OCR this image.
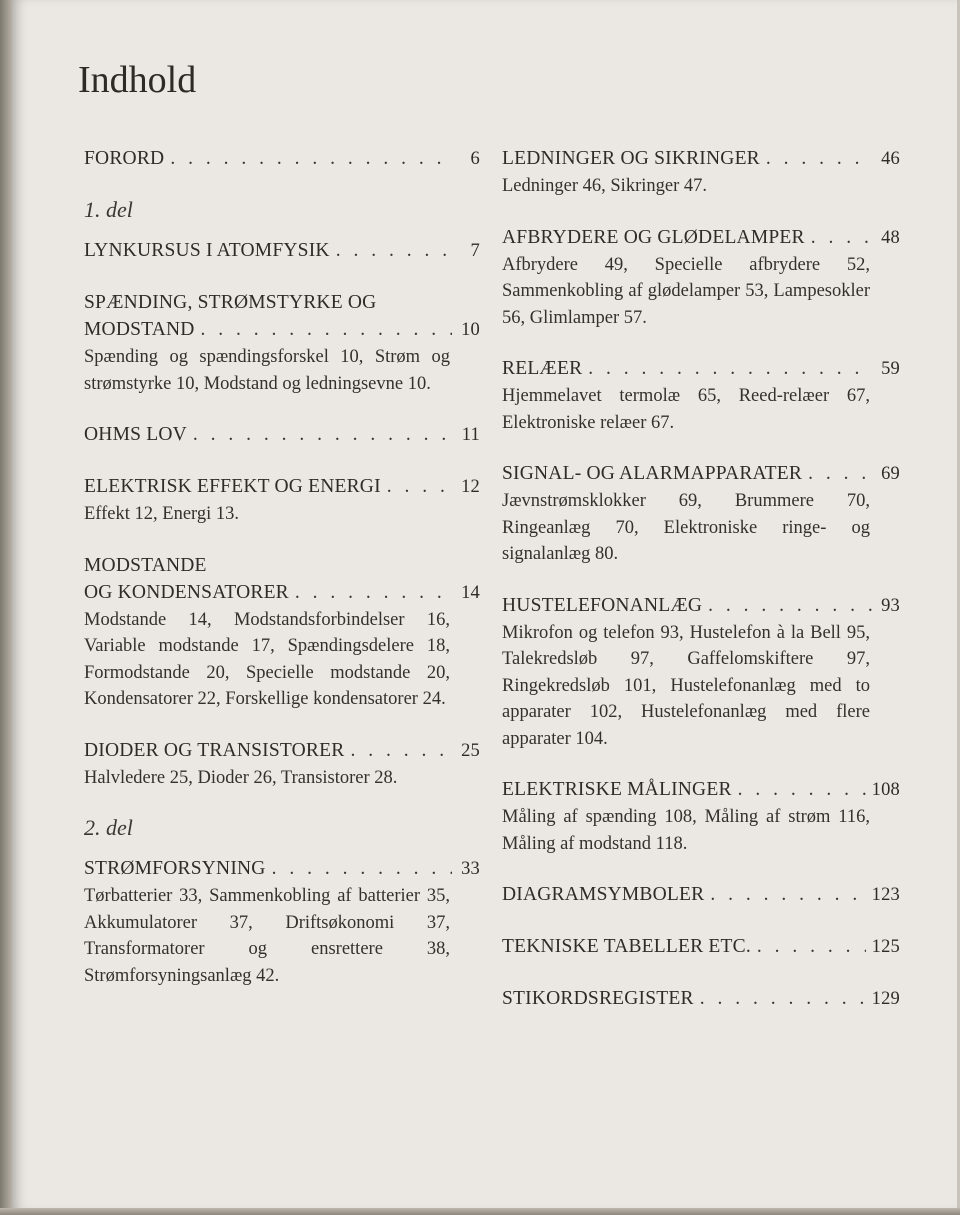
Indhold
FORORD . . .	6
1. del
LYNKURSUS I ATOMFYSIK . . .	7
SPÆNDING, STRØMSTYRKE OG
MODSTAND . . .	10
Spænding og spændingsforskel 10, Strøm og strømstyrke 10, Modstand og ledningsevne 10.
OHMS LOV . . .	11
ELEKTRISK EFFEKT OG ENERGI . . .	12
Effekt 12, Energi 13.
MODSTANDE
OG KONDENSATORER . . .	14
Modstande 14, Modstandsforbindelser 16, Variable modstande 17, Spændingsdelere 18, Formodstande 20, Specielle modstande 20, Kondensatorer 22, Forskellige kondensatorer 24.
DIODER OG TRANSISTORER . . .	25
Halvledere 25, Dioder 26, Transistorer 28.
2. del
STRØMFORSYNING . . .	33
Tørbatterier 33, Sammenkobling af batterier 35, Akkumulatorer 37, Driftsøkonomi 37, Transformatorer og ensrettere 38, Strømforsyningsanlæg 42.
LEDNINGER OG SIKRINGER . . .	46
Ledninger 46, Sikringer 47.
AFBRYDERE OG GLØDELAMPER . . .	48
Afbrydere 49, Specielle afbrydere 52, Sammenkobling af glødelamper 53, Lampesokler 56, Glimlamper 57.
RELÆER . . .	59
Hjemmelavet termolæ 65, Reed-relæer 67, Elektroniske relæer 67.
SIGNAL- OG ALARMAPPARATER . . .	69
Jævnstrømsklokker 69, Brummere 70, Ringeanlæg 70, Elektroniske ringe- og signalanlæg 80.
HUSTELEFONANLÆG . . .	93
Mikrofon og telefon 93, Hustelefon à la Bell 95, Talekredsløb 97, Gaffelomskiftere 97, Ringekredsløb 101, Hustelefonanlæg med to apparater 102, Hustelefonanlæg med flere apparater 104.
ELEKTRISKE MÅLINGER . . .	108
Måling af spænding 108, Måling af strøm 116, Måling af modstand 118.
DIAGRAMSYMBOLER . . .	123
TEKNISKE TABELLER ETC. . . .	125
STIKORDSREGISTER . . .	129
